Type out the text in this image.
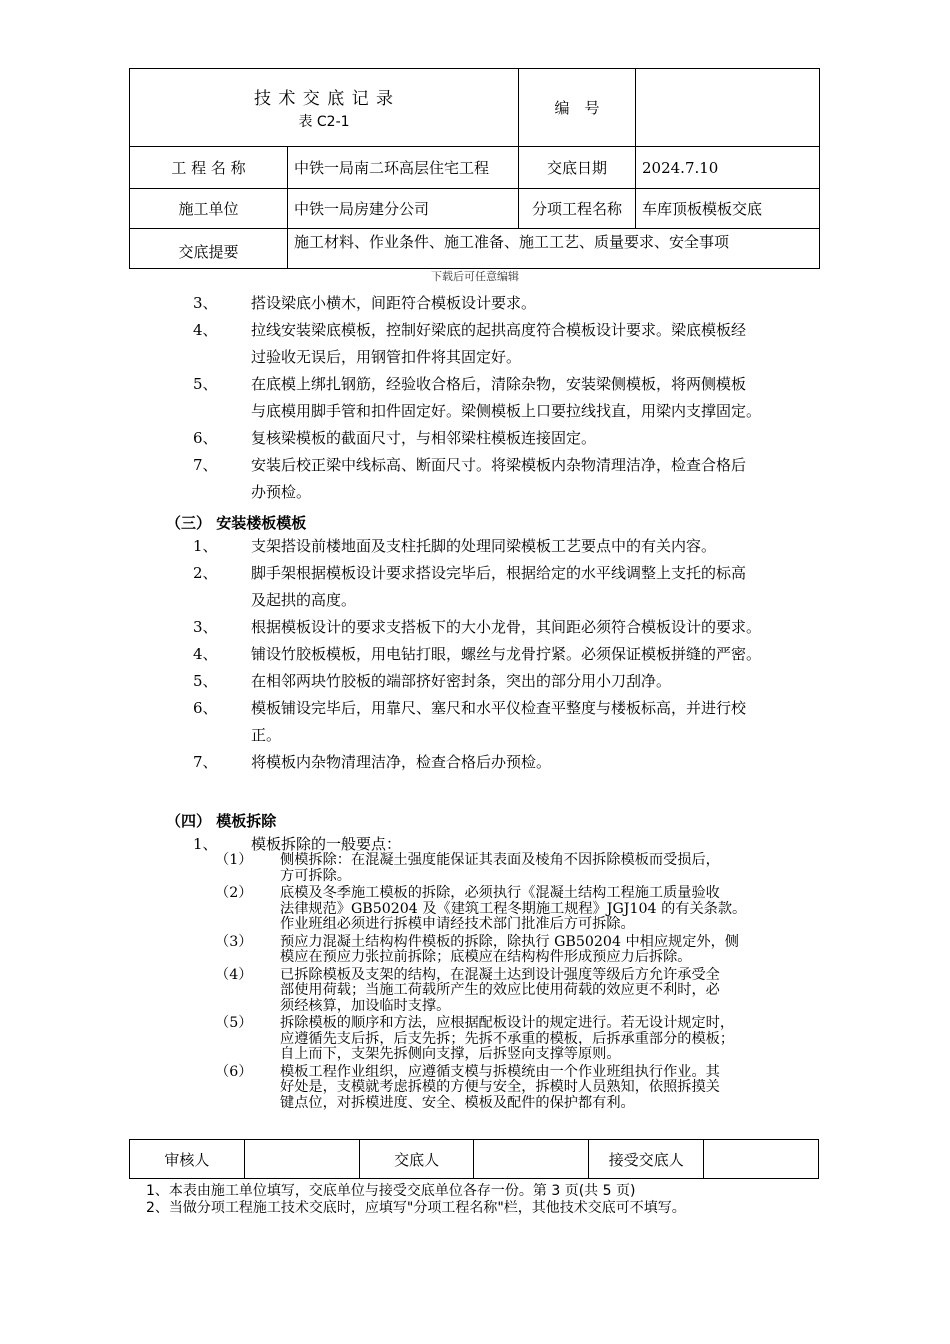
技 术 交 底 记 录
表 C2-1		编　号	
工 程 名 称	中铁一局南二环高层住宅工程	交底日期	2024.7.10
施工单位	中铁一局房建分公司	分项工程名称	车库顶板模板交底
交底提要	施工材料、作业条件、施工准备、施工工艺、质量要求、安全事项		
下载后可任意编辑
3、 搭设梁底小横木，间距符合模板设计要求。
4、 拉线安装梁底模板，控制好梁底的起拱高度符合模板设计要求。梁底模板经
过验收无误后，用钢管扣件将其固定好。
5、 在底模上绑扎钢筋，经验收合格后，清除杂物，安装梁侧模板，将两侧模板
与底模用脚手管和扣件固定好。梁侧模板上口要拉线找直，用梁内支撑固定。
6、 复核梁模板的截面尺寸，与相邻梁柱模板连接固定。
7、 安装后校正梁中线标高、断面尺寸。将梁模板内杂物清理洁净，检查合格后
办预检。
（三） 安装楼板模板
1、 支架搭设前楼地面及支柱托脚的处理同梁模板工艺要点中的有关内容。
2、 脚手架根据模板设计要求搭设完毕后，根据给定的水平线调整上支托的标高
及起拱的高度。
3、 根据模板设计的要求支搭板下的大小龙骨，其间距必须符合模板设计的要求。
4、 铺设竹胶板模板，用电钻打眼，螺丝与龙骨拧紧。必须保证模板拼缝的严密。
5、 在相邻两块竹胶板的端部挤好密封条，突出的部分用小刀刮净。
6、 模板铺设完毕后，用靠尺、塞尺和水平仪检查平整度与楼板标高，并进行校
正。
7、 将模板内杂物清理洁净，检查合格后办预检。
（四） 模板拆除
1、 模板拆除的一般要点：
（1） 侧模拆除：在混凝土强度能保证其表面及棱角不因拆除模板而受损后，
方可拆除。
（2） 底模及冬季施工模板的拆除，必须执行《混凝土结构工程施工质量验收
法律规范》GB50204 及《建筑工程冬期施工规程》JGJ104 的有关条款。
作业班组必须进行拆模申请经技术部门批准后方可拆除。
（3） 预应力混凝土结构构件模板的拆除，除执行 GB50204 中相应规定外，侧
模应在预应力张拉前拆除；底模应在结构构件形成预应力后拆除。
（4） 已拆除模板及支架的结构，在混凝土达到设计强度等级后方允许承受全
部使用荷载；当施工荷载所产生的效应比使用荷载的效应更不利时，必
须经核算，加设临时支撑。
（5） 拆除模板的顺序和方法，应根据配板设计的规定进行。若无设计规定时，
应遵循先支后拆，后支先拆；先拆不承重的模板，后拆承重部分的模板；
自上而下，支架先拆侧向支撑，后拆竖向支撑等原则。
（6） 模板工程作业组织，应遵循支模与拆模统由一个作业班组执行作业。其
好处是，支模就考虑拆模的方便与安全，拆模时人员熟知，依照拆摸关
键点位，对拆模进度、安全、模板及配件的保护都有利。
审核人		交底人		接受交底人	
1、本表由施工单位填写，交底单位与接受交底单位各存一份。第 3 页(共 5 页)
2、当做分项工程施工技术交底时，应填写"分项工程名称"栏，其他技术交底可不填写。
